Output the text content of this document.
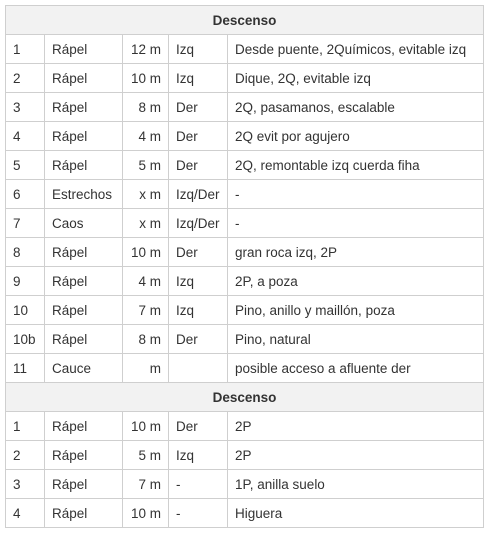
Descenso				
1	Rápel	12 m	Izq	Desde puente, 2Químicos, evitable izq
2	Rápel	10 m	Izq	Dique, 2Q, evitable izq
3	Rápel	8 m	Der	2Q, pasamanos, escalable
4	Rápel	4 m	Der	2Q evit por agujero
5	Rápel	5 m	Der	2Q, remontable izq cuerda fiha
6	Estrechos	x m	Izq/Der	-
7	Caos	x m	Izq/Der	-
8	Rápel	10 m	Der	gran roca izq, 2P
9	Rápel	4 m	Izq	2P, a poza
10	Rápel	7 m	Izq	Pino, anillo y maillón, poza
10b	Rápel	8 m	Der	Pino, natural
11	Cauce	m		posible acceso a afluente der
Descenso				
1	Rápel	10 m	Der	2P
2	Rápel	5 m	Izq	2P
3	Rápel	7 m	-	1P, anilla suelo
4	Rápel	10 m	-	Higuera
